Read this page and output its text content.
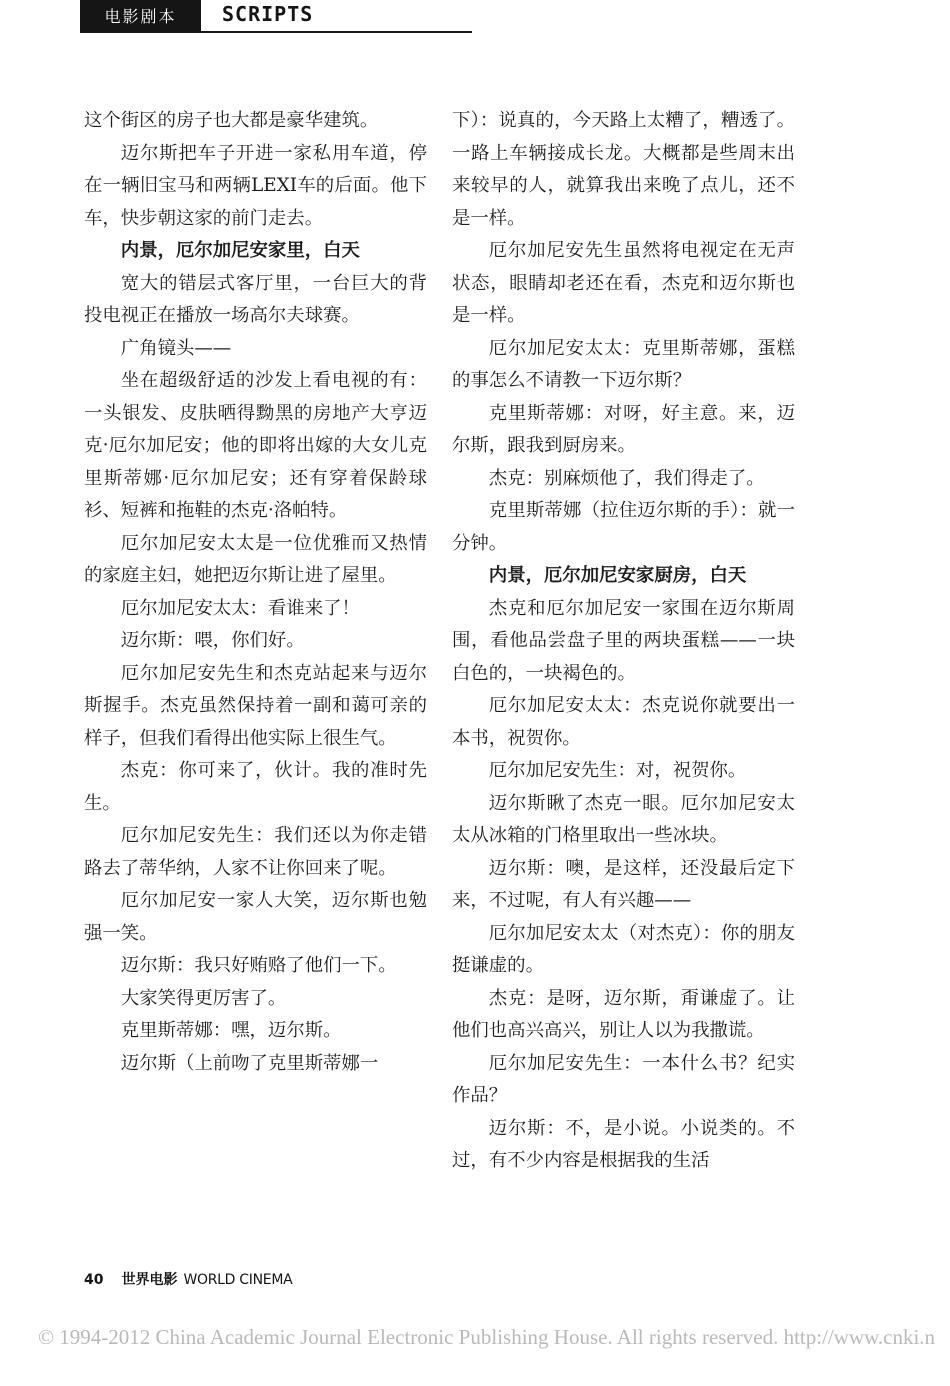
电影剧本	SCRIPTS

这个街区的房子也大都是豪华建筑。

迈尔斯把车子开进一家私用车道，停在一辆旧宝马和两辆LEXI车的后面。他下车，快步朝这家的前门走去。

内景，厄尔加尼安家里，白天

宽大的错层式客厅里，一台巨大的背投电视正在播放一场高尔夫球赛。

广角镜头——

坐在超级舒适的沙发上看电视的有：一头银发、皮肤晒得黝黑的房地产大亨迈克·厄尔加尼安；他的即将出嫁的大女儿克里斯蒂娜·厄尔加尼安；还有穿着保龄球衫、短裤和拖鞋的杰克·洛帕特。

厄尔加尼安太太是一位优雅而又热情的家庭主妇，她把迈尔斯让进了屋里。

厄尔加尼安太太：看谁来了！

迈尔斯：喂，你们好。

厄尔加尼安先生和杰克站起来与迈尔斯握手。杰克虽然保持着一副和蔼可亲的样子，但我们看得出他实际上很生气。

杰克：你可来了，伙计。我的准时先生。

厄尔加尼安先生：我们还以为你走错路去了蒂华纳，人家不让你回来了呢。

厄尔加尼安一家人大笑，迈尔斯也勉强一笑。

迈尔斯：我只好贿赂了他们一下。

大家笑得更厉害了。

克里斯蒂娜：嘿，迈尔斯。

迈尔斯（上前吻了克里斯蒂娜一

下）：说真的，今天路上太糟了，糟透了。一路上车辆接成长龙。大概都是些周末出来较早的人，就算我出来晚了点儿，还不是一样。

厄尔加尼安先生虽然将电视定在无声状态，眼睛却老还在看，杰克和迈尔斯也是一样。

厄尔加尼安太太：克里斯蒂娜，蛋糕的事怎么不请教一下迈尔斯？

克里斯蒂娜：对呀，好主意。来，迈尔斯，跟我到厨房来。

杰克：别麻烦他了，我们得走了。

克里斯蒂娜（拉住迈尔斯的手）：就一分钟。

内景，厄尔加尼安家厨房，白天

杰克和厄尔加尼安一家围在迈尔斯周围，看他品尝盘子里的两块蛋糕——一块白色的，一块褐色的。

厄尔加尼安太太：杰克说你就要出一本书，祝贺你。

厄尔加尼安先生：对，祝贺你。

迈尔斯瞅了杰克一眼。厄尔加尼安太太从冰箱的门格里取出一些冰块。

迈尔斯：噢，是这样，还没最后定下来，不过呢，有人有兴趣——

厄尔加尼安太太（对杰克）：你的朋友挺谦虚的。

杰克：是呀，迈尔斯，甭谦虚了。让他们也高兴高兴，别让人以为我撒谎。

厄尔加尼安先生：一本什么书？纪实作品？

迈尔斯：不，是小说。小说类的。不过，有不少内容是根据我的生活

40 世界电影 WORLD CINEMA
© 1994-2012 China Academic Journal Electronic Publishing House. All rights reserved. http://www.cnki.n
